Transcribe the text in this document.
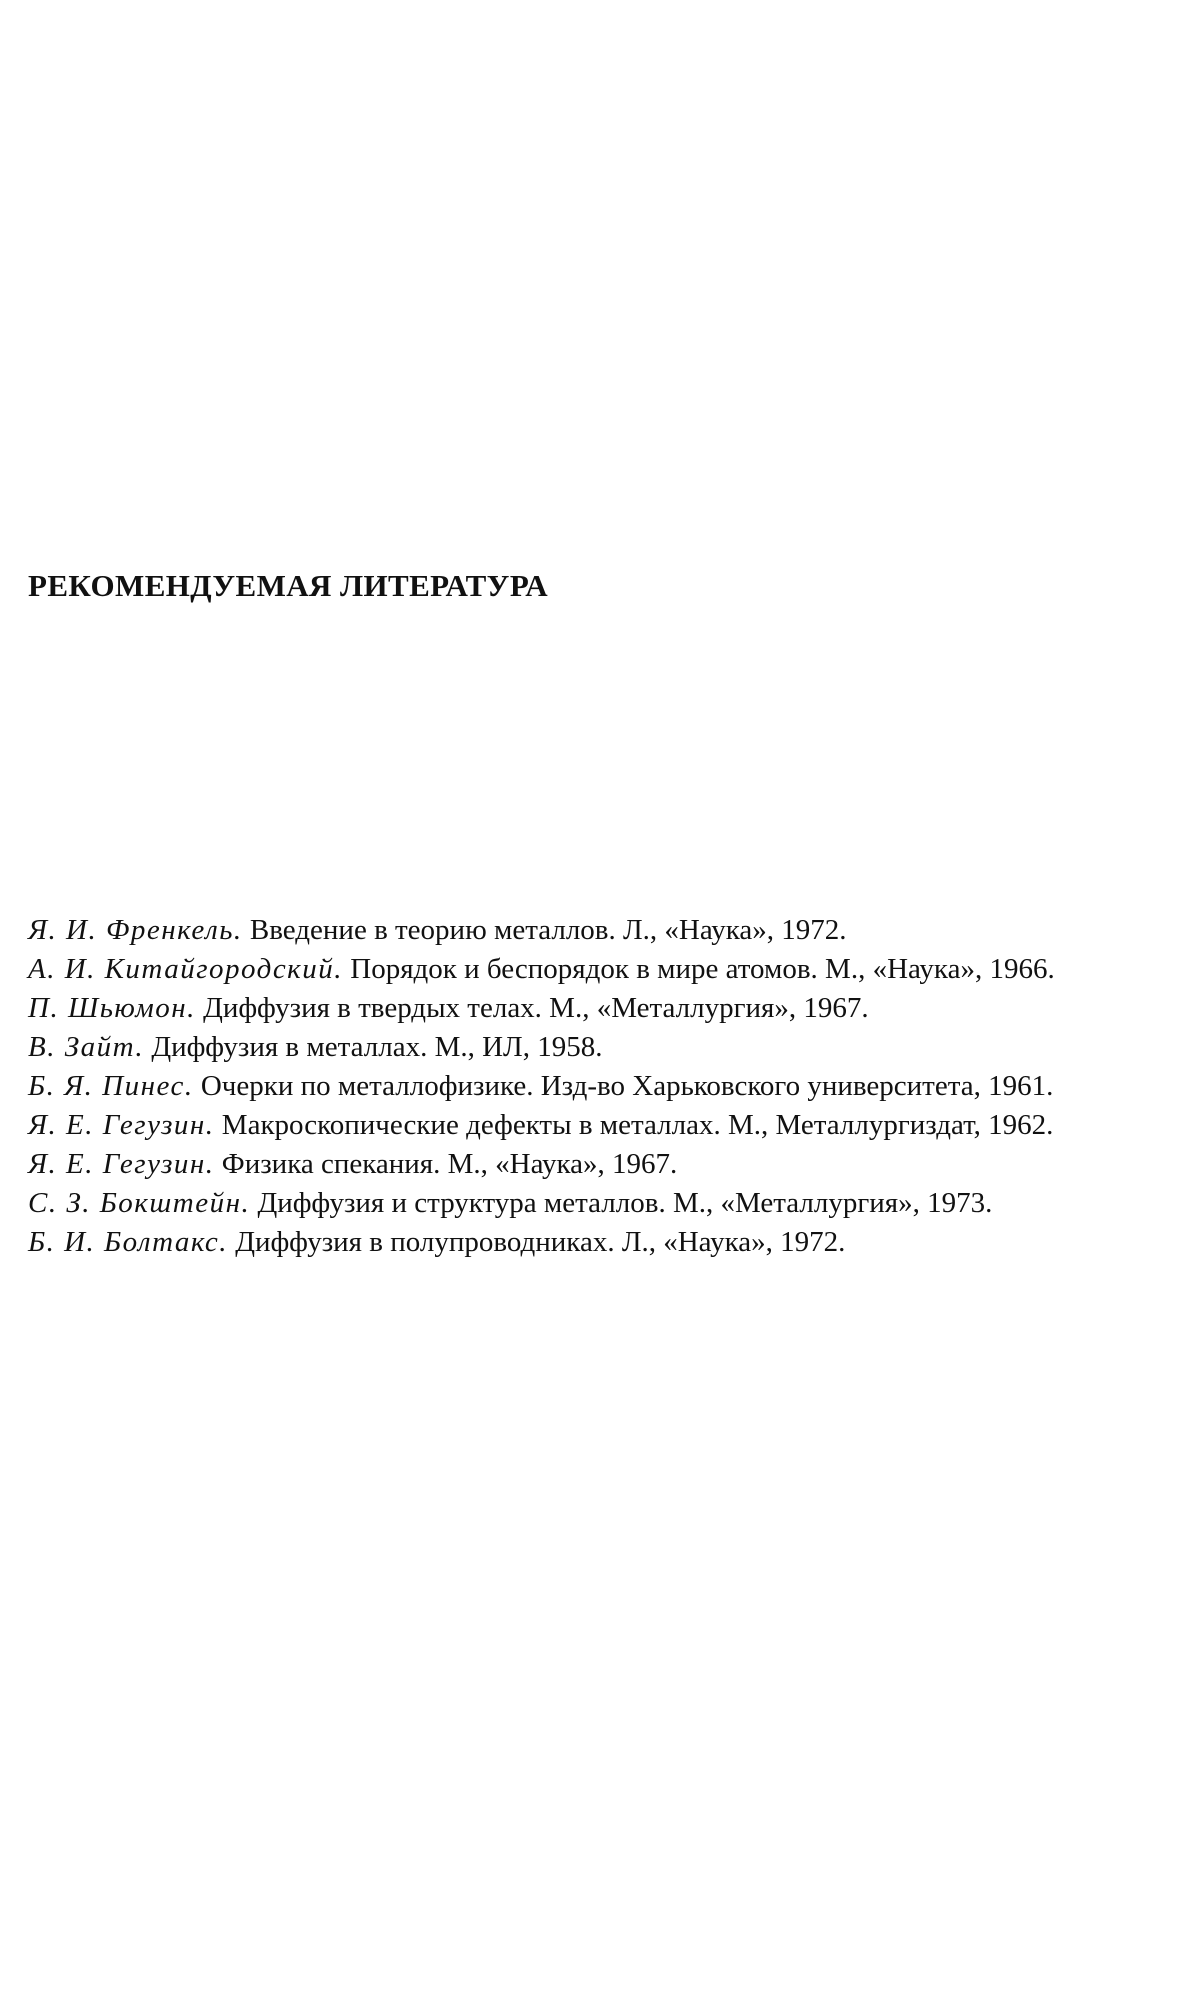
РЕКОМЕНДУЕМАЯ ЛИТЕРАТУРА
Я. И. Френкель. Введение в теорию металлов. Л., «Наука», 1972.
А. И. Китайгородский. Порядок и беспорядок в мире атомов. М., «Наука», 1966.
П. Шьюмон. Диффузия в твердых телах. М., «Металлургия», 1967.
В. Зайт. Диффузия в металлах. М., ИЛ, 1958.
Б. Я. Пинес. Очерки по металлофизике. Изд-во Харьковского университета, 1961.
Я. Е. Гегузин. Макроскопические дефекты в металлах. М., Металлургиздат, 1962.
Я. Е. Гегузин. Физика спекания. М., «Наука», 1967.
С. З. Бокштейн. Диффузия и структура металлов. М., «Металлургия», 1973.
Б. И. Болтакс. Диффузия в полупроводниках. Л., «Наука», 1972.
